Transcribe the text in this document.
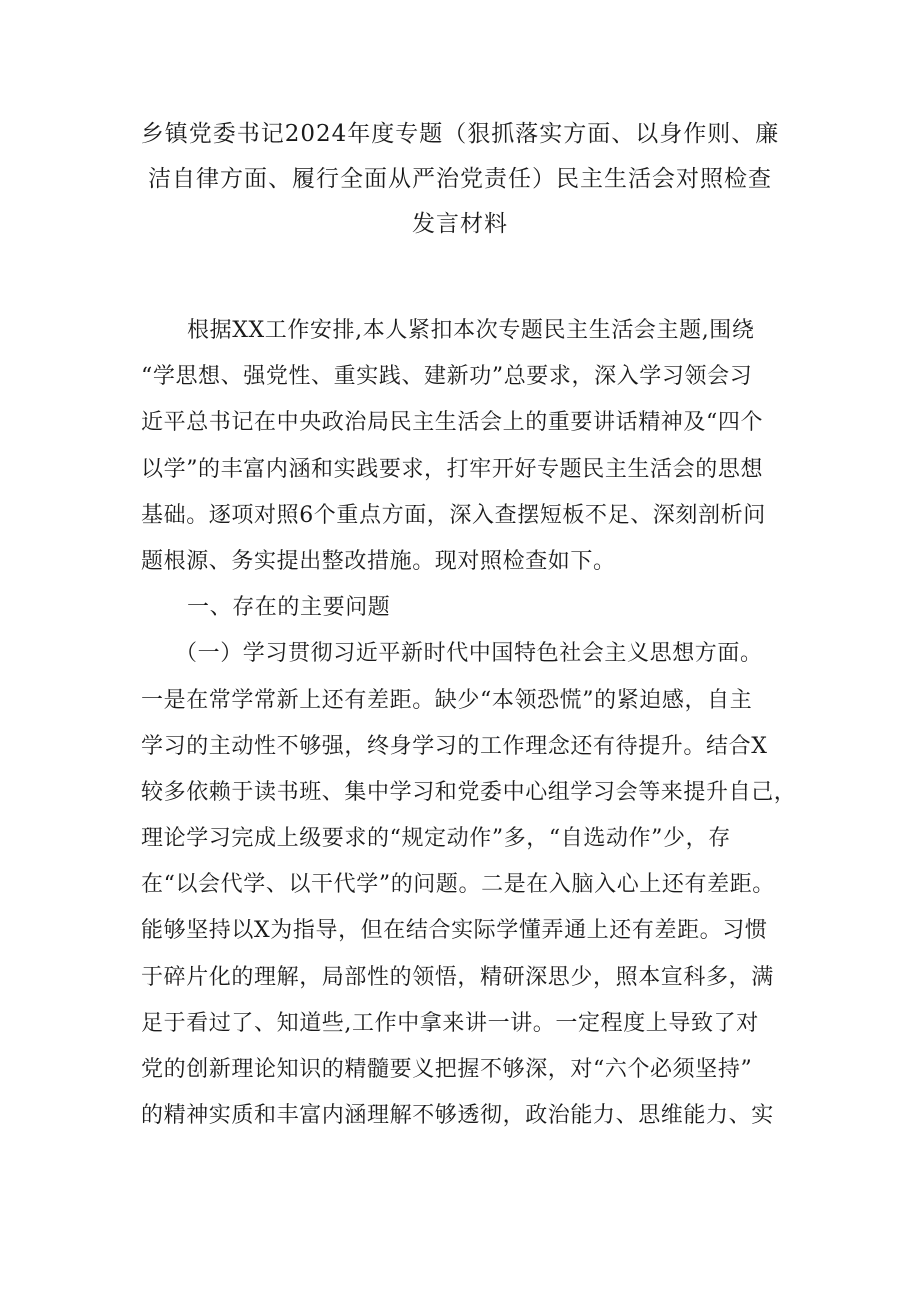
乡镇党委书记2024年度专题（狠抓落实方面、以身作则、廉
洁自律方面、履行全面从严治党责任）民主生活会对照检查
发言材料
根据XX工作安排,本人紧扣本次专题民主生活会主题,围绕
“学思想、强党性、重实践、建新功”总要求，深入学习领会习
近平总书记在中央政治局民主生活会上的重要讲话精神及“四个
以学”的丰富内涵和实践要求，打牢开好专题民主生活会的思想
基础。逐项对照6个重点方面，深入查摆短板不足、深刻剖析问
题根源、务实提出整改措施。现对照检查如下。
一、存在的主要问题
（一）学习贯彻习近平新时代中国特色社会主义思想方面。
一是在常学常新上还有差距。缺少“本领恐慌”的紧迫感，自主
学习的主动性不够强，终身学习的工作理念还有待提升。结合X
较多依赖于读书班、集中学习和党委中心组学习会等来提升自己，
理论学习完成上级要求的“规定动作”多，“自选动作”少，存
在“以会代学、以干代学”的问题。二是在入脑入心上还有差距。
能够坚持以X为指导，但在结合实际学懂弄通上还有差距。习惯
于碎片化的理解，局部性的领悟，精研深思少，照本宣科多，满
足于看过了、知道些,工作中拿来讲一讲。一定程度上导致了对
党的创新理论知识的精髓要义把握不够深，对“六个必须坚持”
的精神实质和丰富内涵理解不够透彻，政治能力、思维能力、实
